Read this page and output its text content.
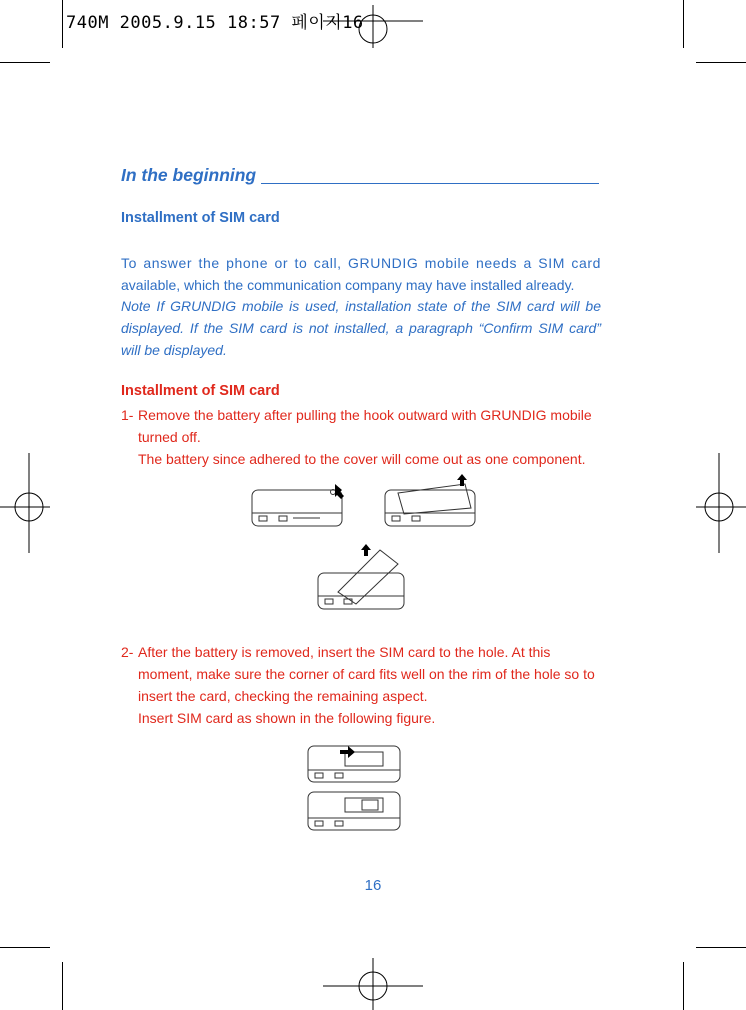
740M 2005.9.15 18:57 페이지16
In the beginning
Installment of SIM card
To answer the phone or to call, GRUNDIG mobile needs a SIM card
available, which the communication company may have installed already.
Note If GRUNDIG mobile is used, installation state of the SIM card will be
displayed. If the SIM card is not installed, a paragraph “Confirm SIM card”
will be displayed.
Installment of SIM card
1- Remove the battery after pulling the hook outward with GRUNDIG mobile
turned off.
The battery since adhered to the cover will come out as one component.
2- After the battery is removed, insert the SIM card to the hole. At this
moment, make sure the corner of card fits well on the rim of the hole so to
insert the card, checking the remaining aspect.
Insert SIM card as shown in the following figure.
16
